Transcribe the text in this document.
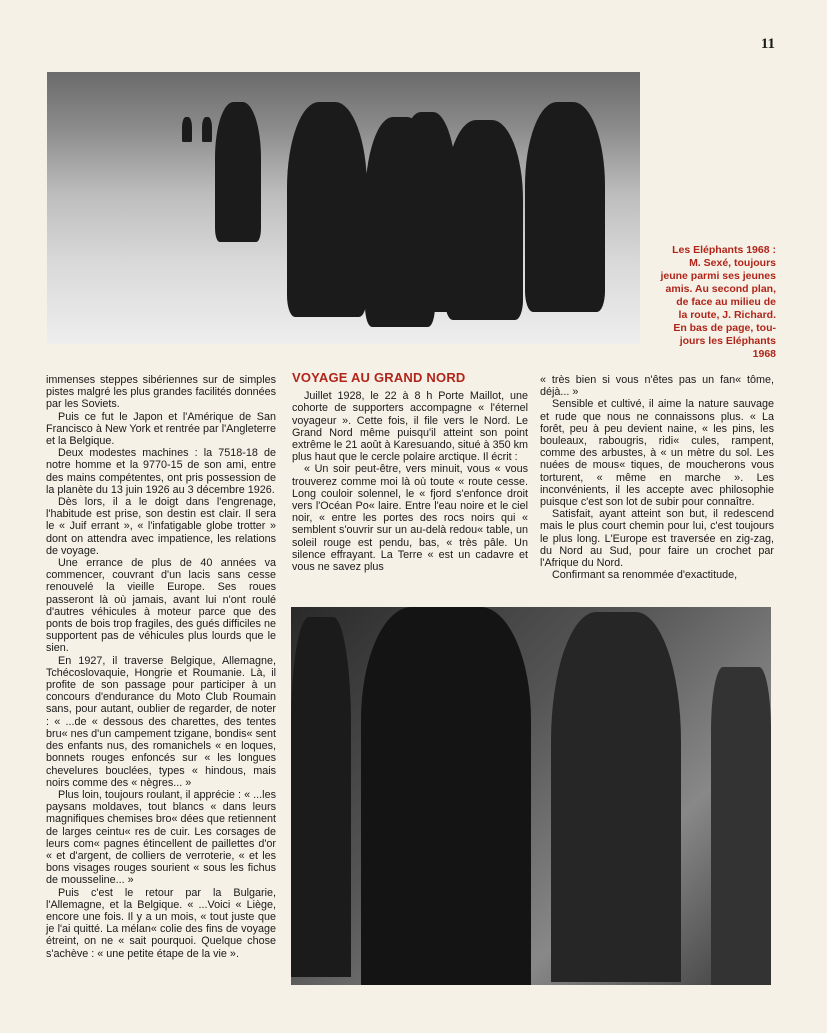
11
Les Eléphants 1968 :
M. Sexé, toujours
jeune parmi ses jeunes
amis. Au second plan,
de face au milieu de
la route, J. Richard.
En bas de page, tou-
jours les Eléphants
1968

immenses steppes sibériennes sur de simples pistes malgré les plus grandes facilités données par les Soviets.

Puis ce fut le Japon et l'Amérique de San Francisco à New York et rentrée par l'Angleterre et la Belgique.

Deux modestes machines : la 7518-18 de notre homme et la 9770-15 de son ami, entre des mains compétentes, ont pris possession de la planète du 13 juin 1926 au 3 décembre 1926.

Dès lors, il a le doigt dans l'engrenage, l'habitude est prise, son destin est clair. Il sera le « Juif errant », « l'infatigable globe trotter » dont on attendra avec impatience, les relations de voyage.

Une errance de plus de 40 années va commencer, couvrant d'un lacis sans cesse renouvelé la vieille Europe. Ses roues passeront là où jamais, avant lui n'ont roulé d'autres véhicules à moteur parce que des ponts de bois trop fragiles, des gués difficiles ne supportent pas de véhicules plus lourds que le sien.

En 1927, il traverse Belgique, Allemagne, Tchécoslovaquie, Hongrie et Roumanie. Là, il profite de son passage pour participer à un concours d'endurance du Moto Club Roumain sans, pour autant, oublier de regarder, de noter : « ...de « dessous des charettes, des tentes bru« nes d'un campement tzigane, bondis« sent des enfants nus, des romanichels « en loques, bonnets rouges enfoncés sur « les longues chevelures bouclées, types « hindous, mais noirs comme des « nègres... »

Plus loin, toujours roulant, il apprécie : « ...les paysans moldaves, tout blancs « dans leurs magnifiques chemises bro« dées que retiennent de larges ceintu« res de cuir. Les corsages de leurs com« pagnes étincellent de paillettes d'or « et d'argent, de colliers de verroterie, « et les bons visages rouges sourient « sous les fichus de mousseline... »

Puis c'est le retour par la Bulgarie, l'Allemagne, et la Belgique. « ...Voici « Liège, encore une fois. Il y a un mois, « tout juste que je l'ai quitté. La mélan« colie des fins de voyage étreint, on ne « sait pourquoi. Quelque chose s'achève : « une petite étape de la vie ».

VOYAGE AU GRAND NORD

Juillet 1928, le 22 à 8 h Porte Maillot, une cohorte de supporters accompagne « l'éternel voyageur ». Cette fois, il file vers le Nord. Le Grand Nord même puisqu'il atteint son point extrême le 21 août à Karesuando, situé à 350 km plus haut que le cercle polaire arctique. Il écrit :

« Un soir peut-être, vers minuit, vous « vous trouverez comme moi là où toute « route cesse. Long couloir solennel, le « fjord s'enfonce droit vers l'Océan Po« laire. Entre l'eau noire et le ciel noir, « entre les portes des rocs noirs qui « semblent s'ouvrir sur un au-delà redou« table, un soleil rouge est pendu, bas, « très pâle. Un silence effrayant. La Terre « est un cadavre et vous ne savez plus

« très bien si vous n'êtes pas un fan« tôme, déjà... »

Sensible et cultivé, il aime la nature sauvage et rude que nous ne connaissons plus. « La forêt, peu à peu devient naine, « les pins, les bouleaux, rabougris, ridi« cules, rampent, comme des arbustes, à « un mètre du sol. Les nuées de mous« tiques, de moucherons vous torturent, « même en marche ». Les inconvénients, il les accepte avec philosophie puisque c'est son lot de subir pour connaître.

Satisfait, ayant atteint son but, il redescend mais le plus court chemin pour lui, c'est toujours le plus long. L'Europe est traversée en zig-zag, du Nord au Sud, pour faire un crochet par l'Afrique du Nord.

Confirmant sa renommée d'exactitude,
